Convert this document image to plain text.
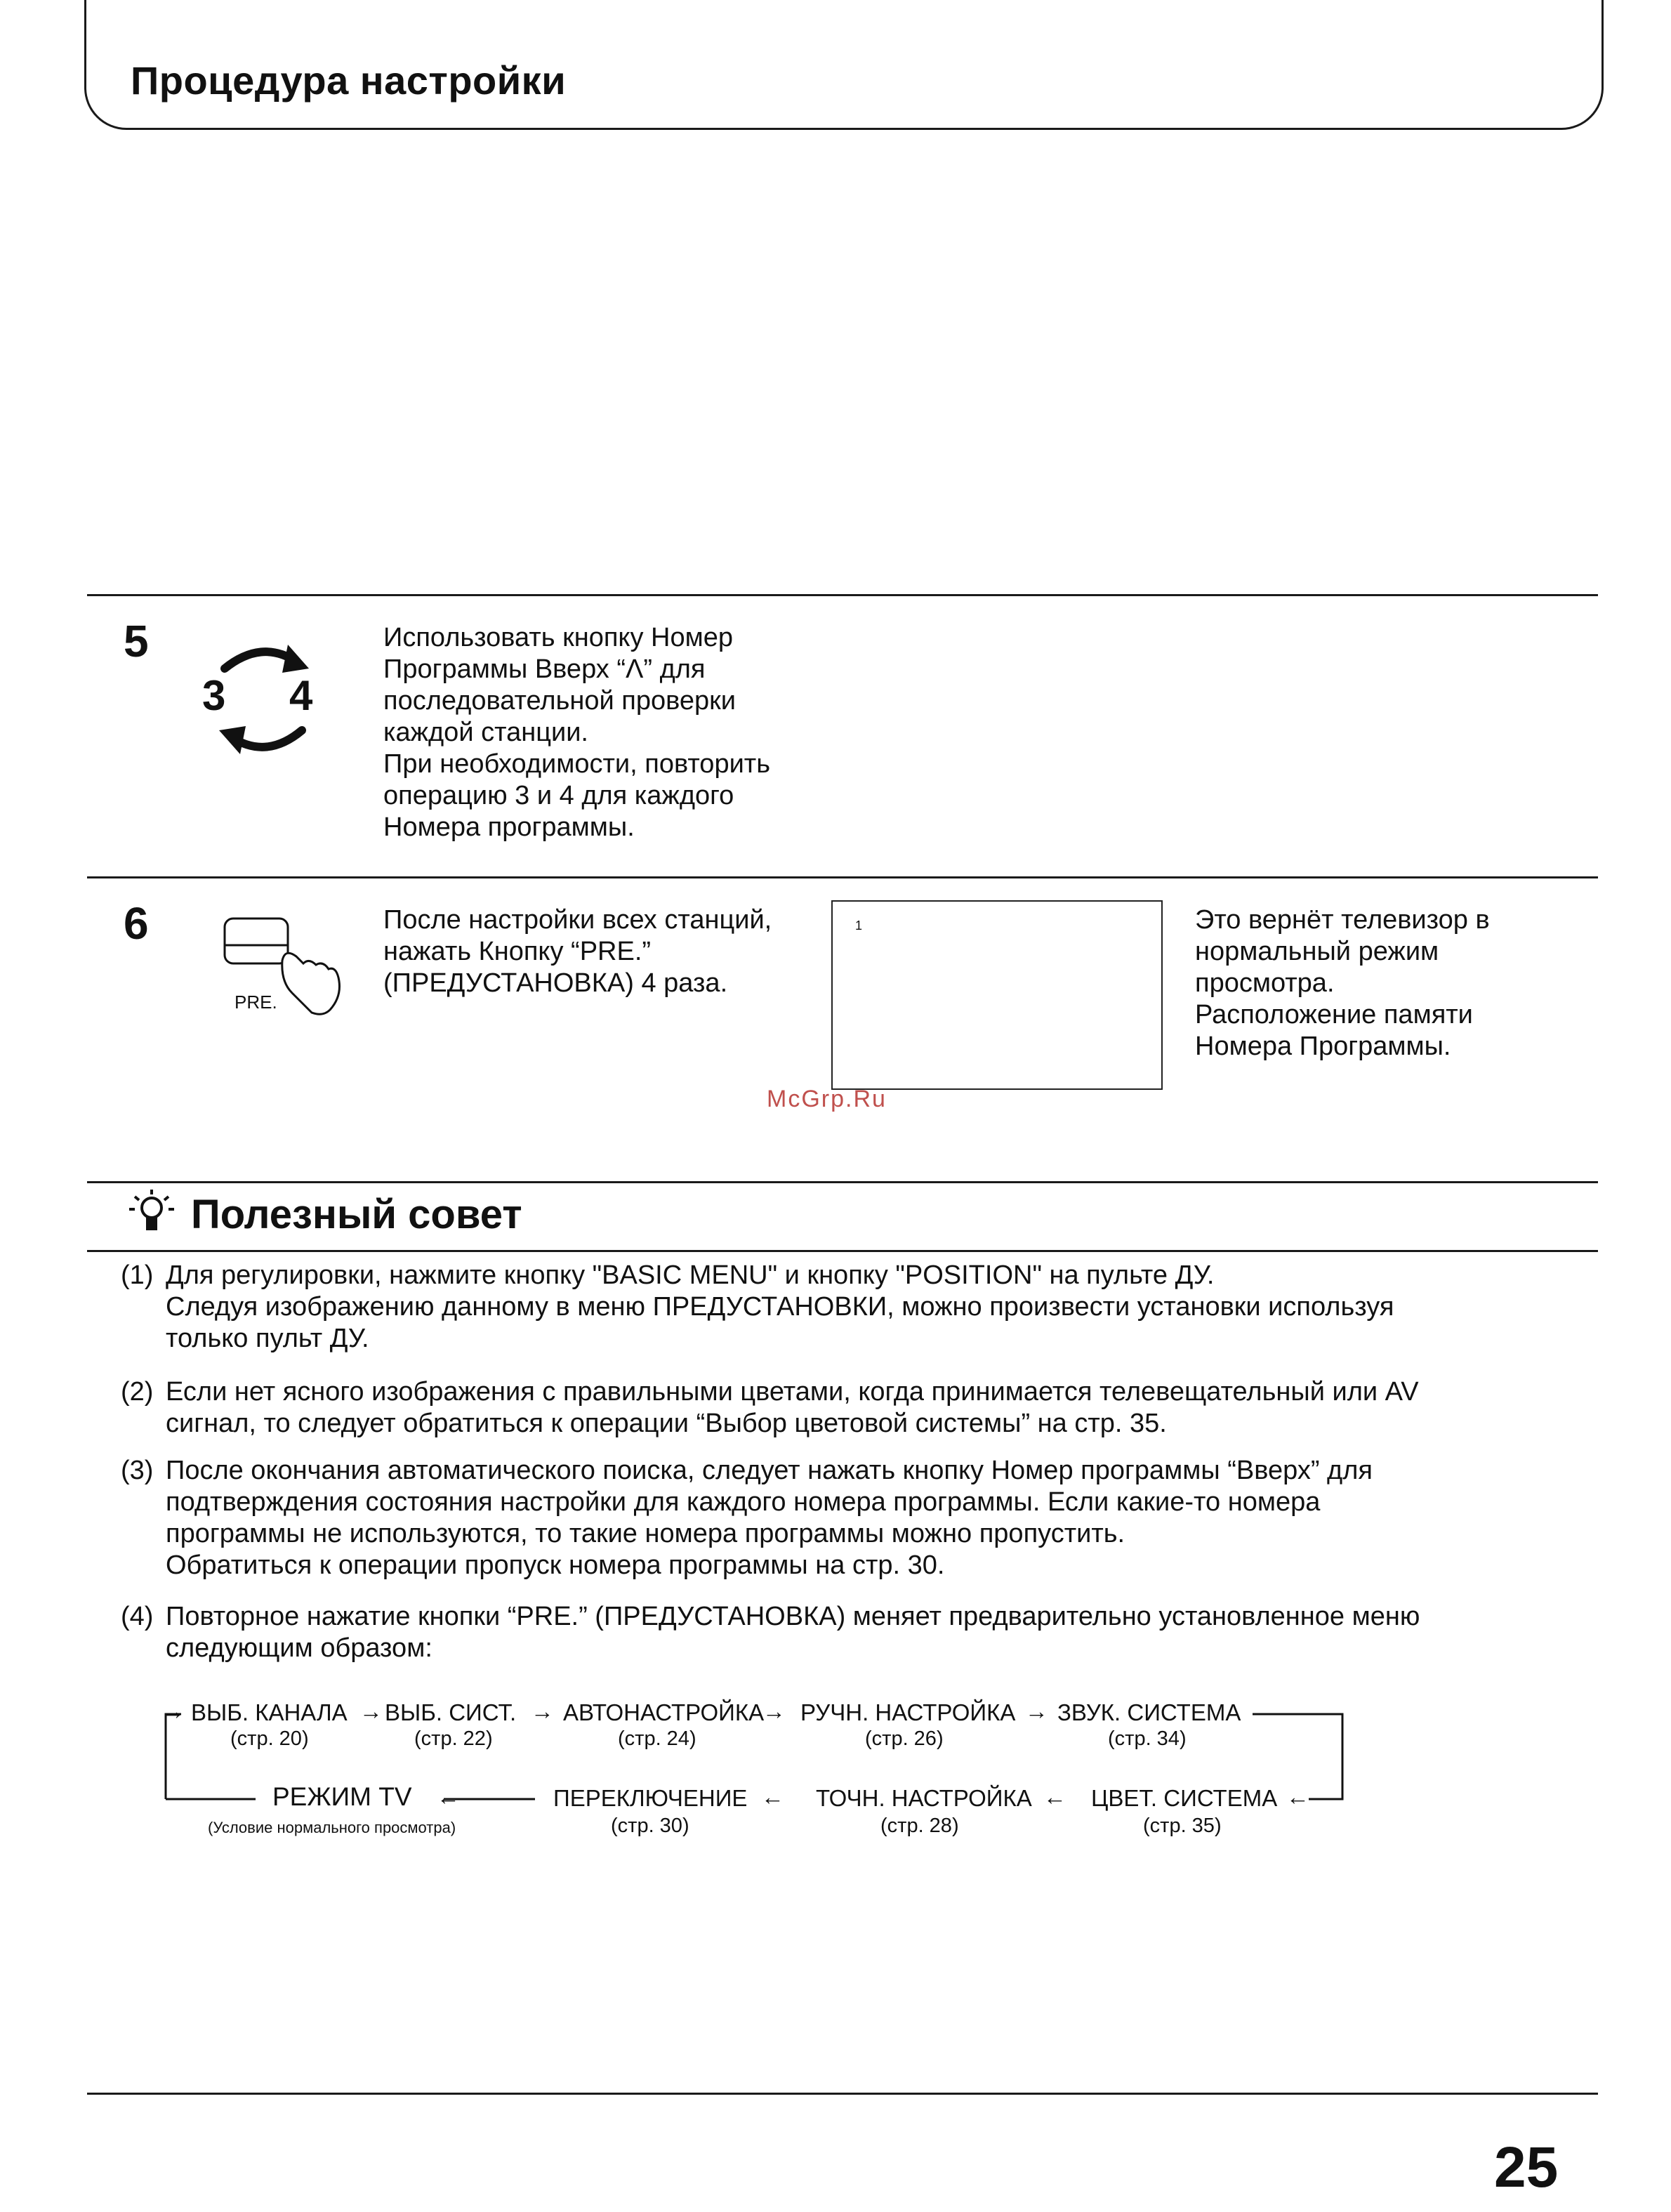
Процедура настройки
5
3 4
Использовать кнопку Номер
Программы Вверх “Λ” для
последовательной проверки
каждой станции.
При необходимости, повторить
операцию 3 и 4 для каждого
Номера программы.
6
PRE.
После настройки всех станций,
нажать Кнопку “PRE.”
(ПРЕДУСТАНОВКА) 4 раза.
1	Это вернёт телевизор в
нормальный режим
просмотра.
Расположение памяти
Номера Программы.
McGrp.Ru
Полезный совет
(1) Для регулировки, нажмите кнопку "BASIC MENU" и кнопку "POSITION" на пульте ДУ.
Следуя изображению данному в меню ПРЕДУСТАНОВКИ, можно произвести установки используя
только пульт ДУ.
(2) Если нет ясного изображения с правильными цветами, когда принимается телевещательный или AV
сигнал, то следует обратиться к операции “Выбор цветовой системы” на стр. 35.
(3) После окончания автоматического поиска, следует нажать кнопку Номер программы “Вверх” для
подтверждения состояния настройки для каждого номера программы. Если какие-то номера
программы не используются, то такие номера программы можно пропустить.
Обратиться к операции пропуск номера программы на стр. 30.
(4) Повторное нажатие кнопки “PRE.” (ПРЕДУСТАНОВКА) меняет предварительно установленное меню
следующим образом:
→	→	→	→	→
←	←	←	←
ВЫБ. КАНАЛА
(стр. 20)
ВЫБ. СИСТ.
(стр. 22)
АВТОНАСТРОЙКА
(стр. 24)
РУЧН. НАСТРОЙКА
(стр. 26)
ЗВУК. СИСТЕМА
(стр. 34)
РЕЖИМ TV
(Условие нормального просмотра)
ПЕРЕКЛЮЧЕНИЕ
(стр. 30)
ТОЧН. НАСТРОЙКА
(стр. 28)
ЦВЕТ. СИСТЕМА
(стр. 35)
25
